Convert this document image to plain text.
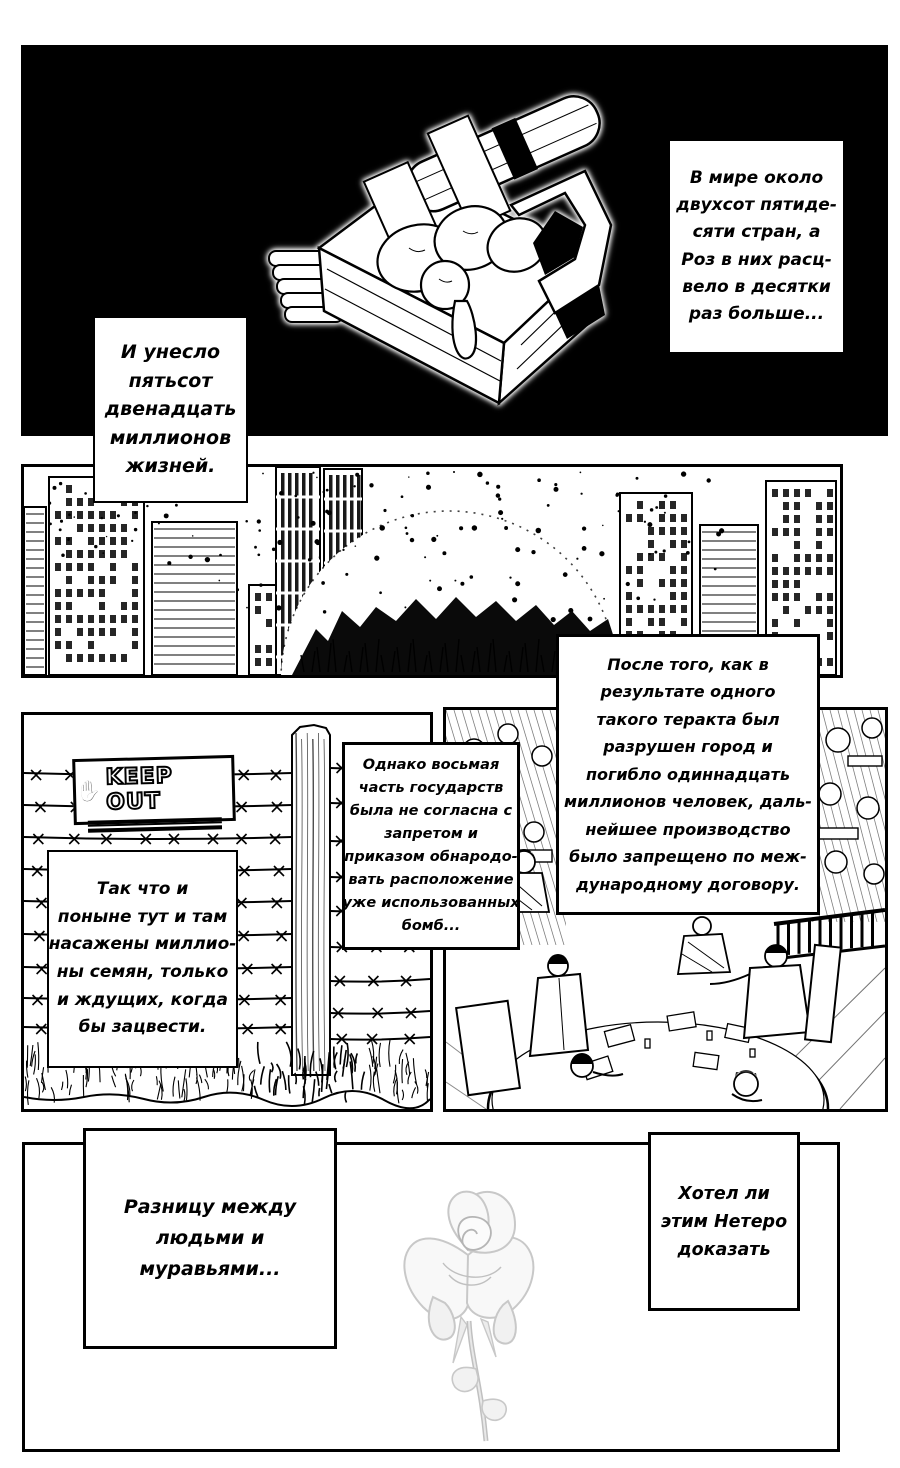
✋
KEEP OUT
В мире около
двухсот пятиде-
сяти стран, а
Роз в них расц-
вело в десятки
раз больше...
И унесло
пятьсот
двенадцать
миллионов
жизней.
После того, как в
результате одного
такого теракта был
разрушен город и
погибло одиннадцать
миллионов человек, даль-
нейшее производство
было запрещено по меж-
дународному договору.
Однако восьмая
часть государств
была не согласна с
запретом и
приказом обнародо-
вать расположение
уже использованных
бомб...
Так что и
поныне тут и там
насажены миллио-
ны семян, только
и ждущих, когда
бы зацвести.
Разницу между
людьми и
муравьями...
Хотел ли
этим Нетеро
доказать
